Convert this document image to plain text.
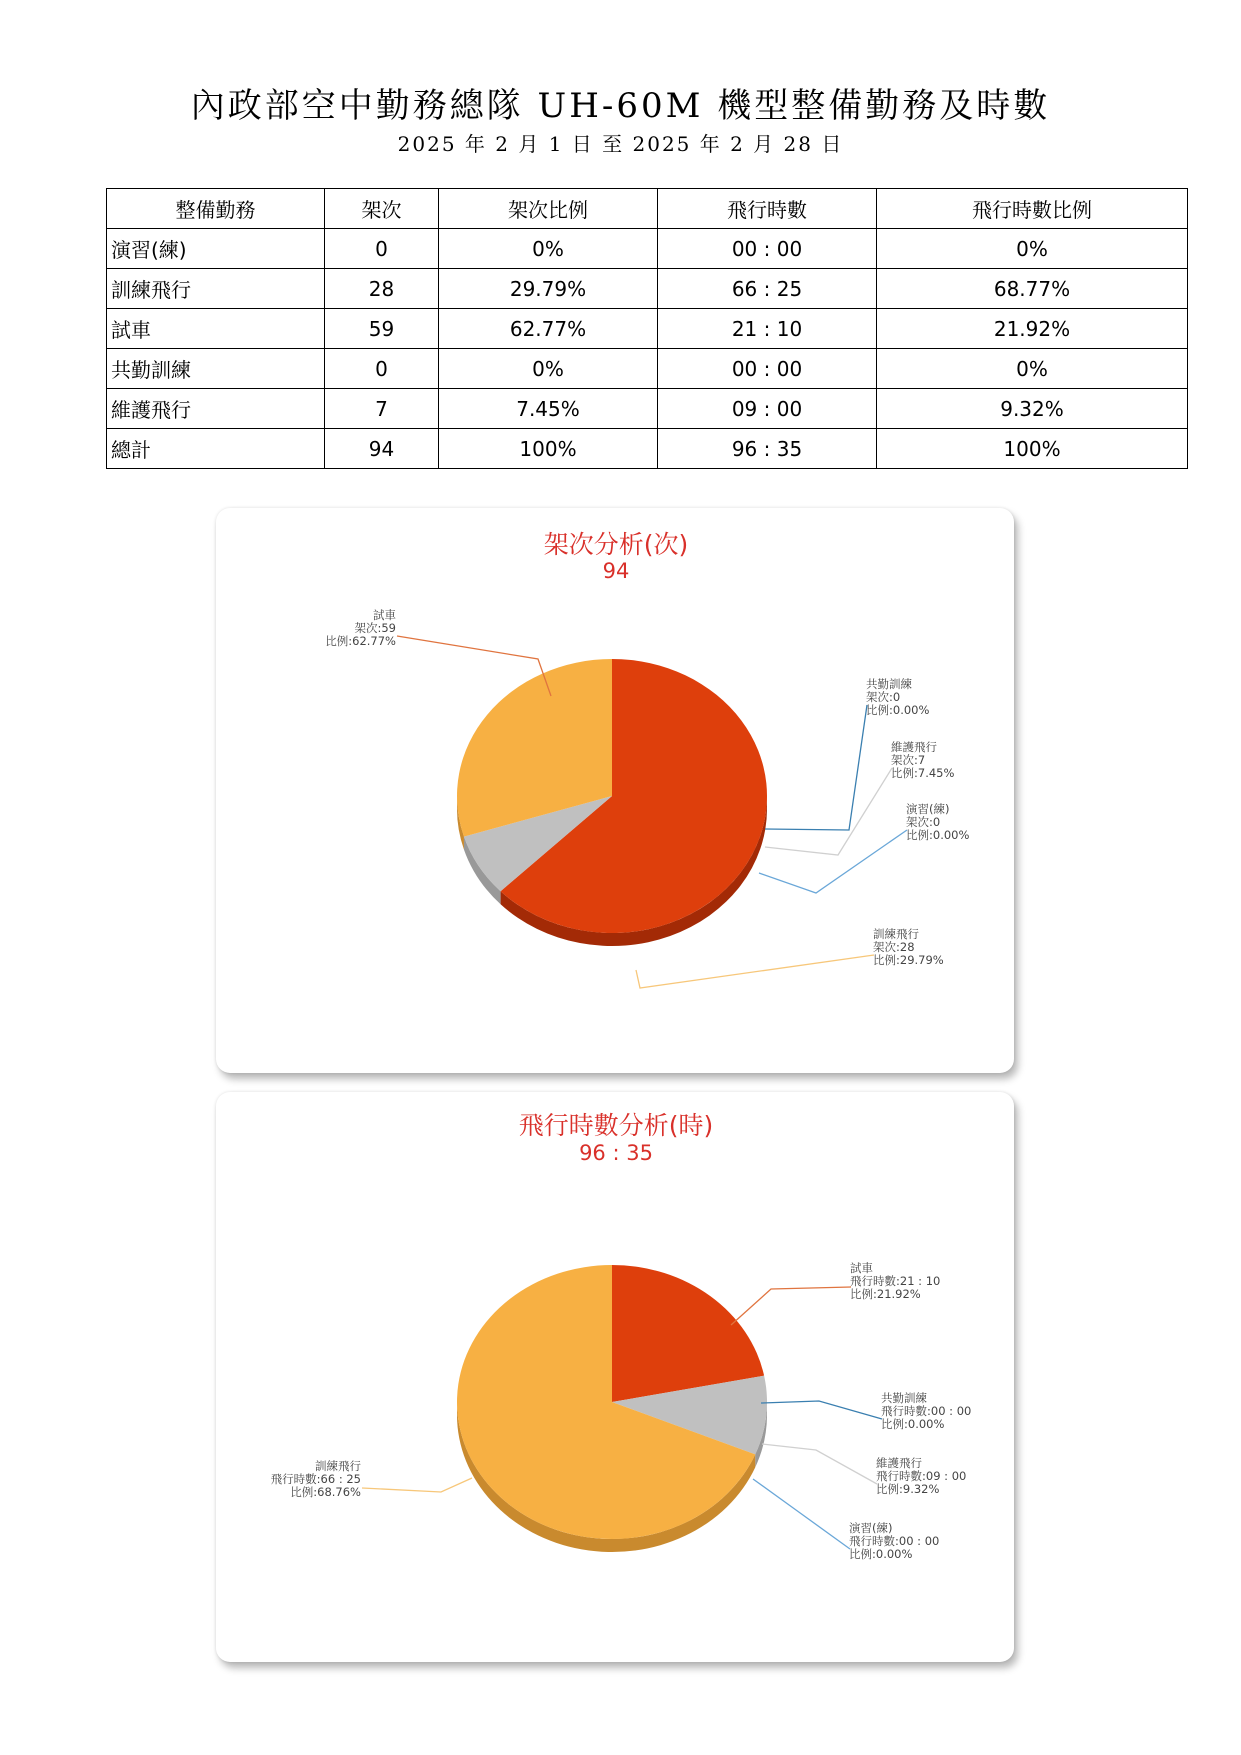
內政部空中勤務總隊 UH-60M 機型整備勤務及時數
2025 年 2 月 1 日 至 2025 年 2 月 28 日
整備勤務	架次	架次比例	飛行時數	飛行時數比例
演習(練)	0	0%	00 : 00	0%
訓練飛行	28	29.79%	66 : 25	68.77%
試車	59	62.77%	21 : 10	21.92%
共勤訓練	0	0%	00 : 00	0%
維護飛行	7	7.45%	09 : 00	9.32%
總計	94	100%	96 : 35	100%
架次分析(次)
94
試車
架次:59
比例:62.77%
共勤訓練
架次:0
比例:0.00%
維護飛行
架次:7
比例:7.45%
演習(練)
架次:0
比例:0.00%
訓練飛行
架次:28
比例:29.79%
飛行時數分析(時)
96 : 35
試車
飛行時數:21 : 10
比例:21.92%
共勤訓練
飛行時數:00 : 00
比例:0.00%
維護飛行
飛行時數:09 : 00
比例:9.32%
演習(練)
飛行時數:00 : 00
比例:0.00%
訓練飛行
飛行時數:66 : 25
比例:68.76%
